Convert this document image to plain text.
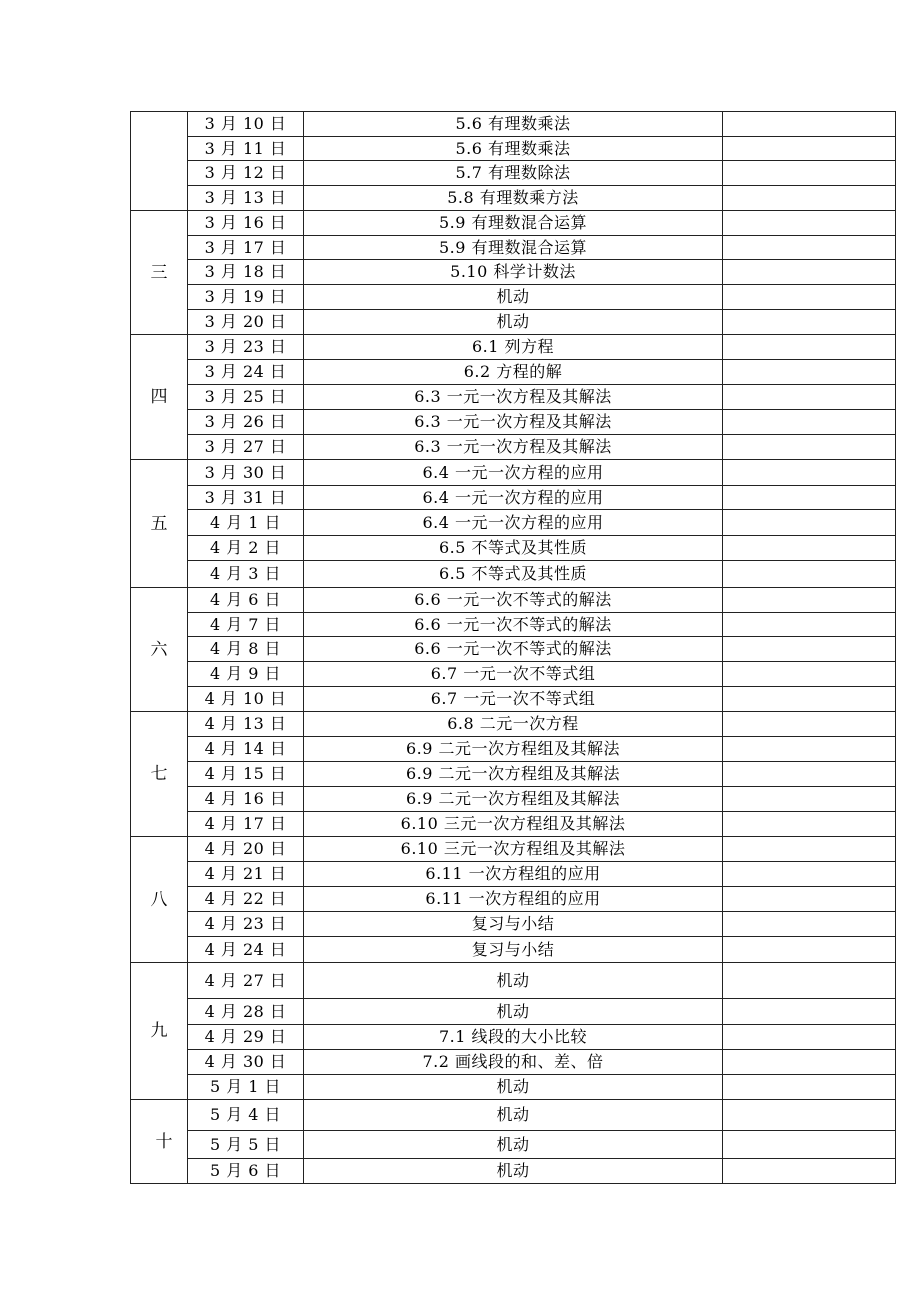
	3 月 10 日	5.6 有理数乘法	
	3 月 11 日	5.6 有理数乘法	
	3 月 12 日	5.7 有理数除法	
	3 月 13 日	5.8 有理数乘方法	
三	3 月 16 日	5.9 有理数混合运算	
	3 月 17 日	5.9 有理数混合运算	
	3 月 18 日	5.10 科学计数法	
	3 月 19 日	机动	
	3 月 20 日	机动	
四	3 月 23 日	6.1 列方程	
	3 月 24 日	6.2 方程的解	
	3 月 25 日	6.3 一元一次方程及其解法	
	3 月 26 日	6.3 一元一次方程及其解法	
	3 月 27 日	6.3 一元一次方程及其解法	
五	3 月 30 日	6.4 一元一次方程的应用	
	3 月 31 日	6.4 一元一次方程的应用	
	4 月 1 日	6.4 一元一次方程的应用	
	4 月 2 日	6.5 不等式及其性质	
	4 月 3 日	6.5 不等式及其性质	
六	4 月 6 日	6.6 一元一次不等式的解法	
	4 月 7 日	6.6 一元一次不等式的解法	
	4 月 8 日	6.6 一元一次不等式的解法	
	4 月 9 日	6.7 一元一次不等式组	
	4 月 10 日	6.7 一元一次不等式组	
七	4 月 13 日	6.8 二元一次方程	
	4 月 14 日	6.9 二元一次方程组及其解法	
	4 月 15 日	6.9 二元一次方程组及其解法	
	4 月 16 日	6.9 二元一次方程组及其解法	
	4 月 17 日	6.10 三元一次方程组及其解法	
八	4 月 20 日	6.10 三元一次方程组及其解法	
	4 月 21 日	6.11 一次方程组的应用	
	4 月 22 日	6.11 一次方程组的应用	
	4 月 23 日	复习与小结	
	4 月 24 日	复习与小结	
九	4 月 27 日	机动	
	4 月 28 日	机动	
	4 月 29 日	7.1 线段的大小比较	
	4 月 30 日	7.2 画线段的和、差、倍	
	5 月 1 日	机动	
十	5 月 4 日	机动	
	5 月 5 日	机动	
	5 月 6 日	机动	
